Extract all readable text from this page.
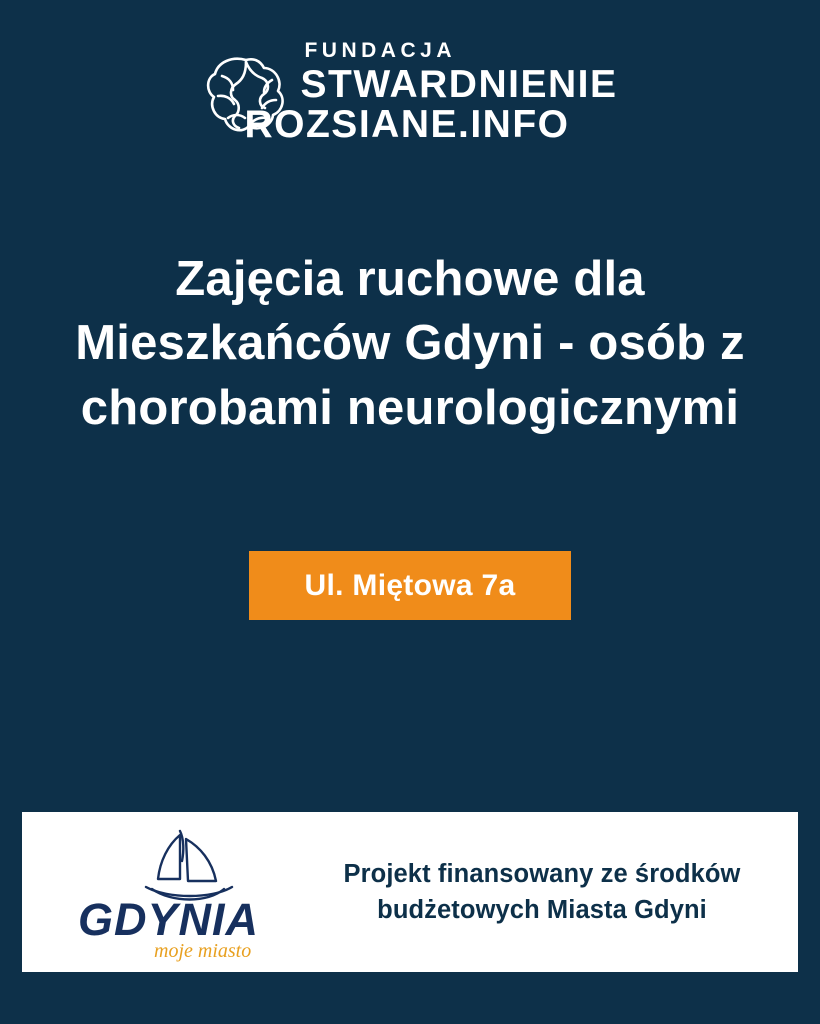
FUNDACJA
STWARDNIENIE
ROZSIANE.INFO
Zajęcia ruchowe dla Mieszkańców Gdyni - osób z chorobami neurologicznymi
Ul. Miętowa 7a
GDYNIA
moje miasto
Projekt finansowany ze środków
budżetowych Miasta Gdyni
